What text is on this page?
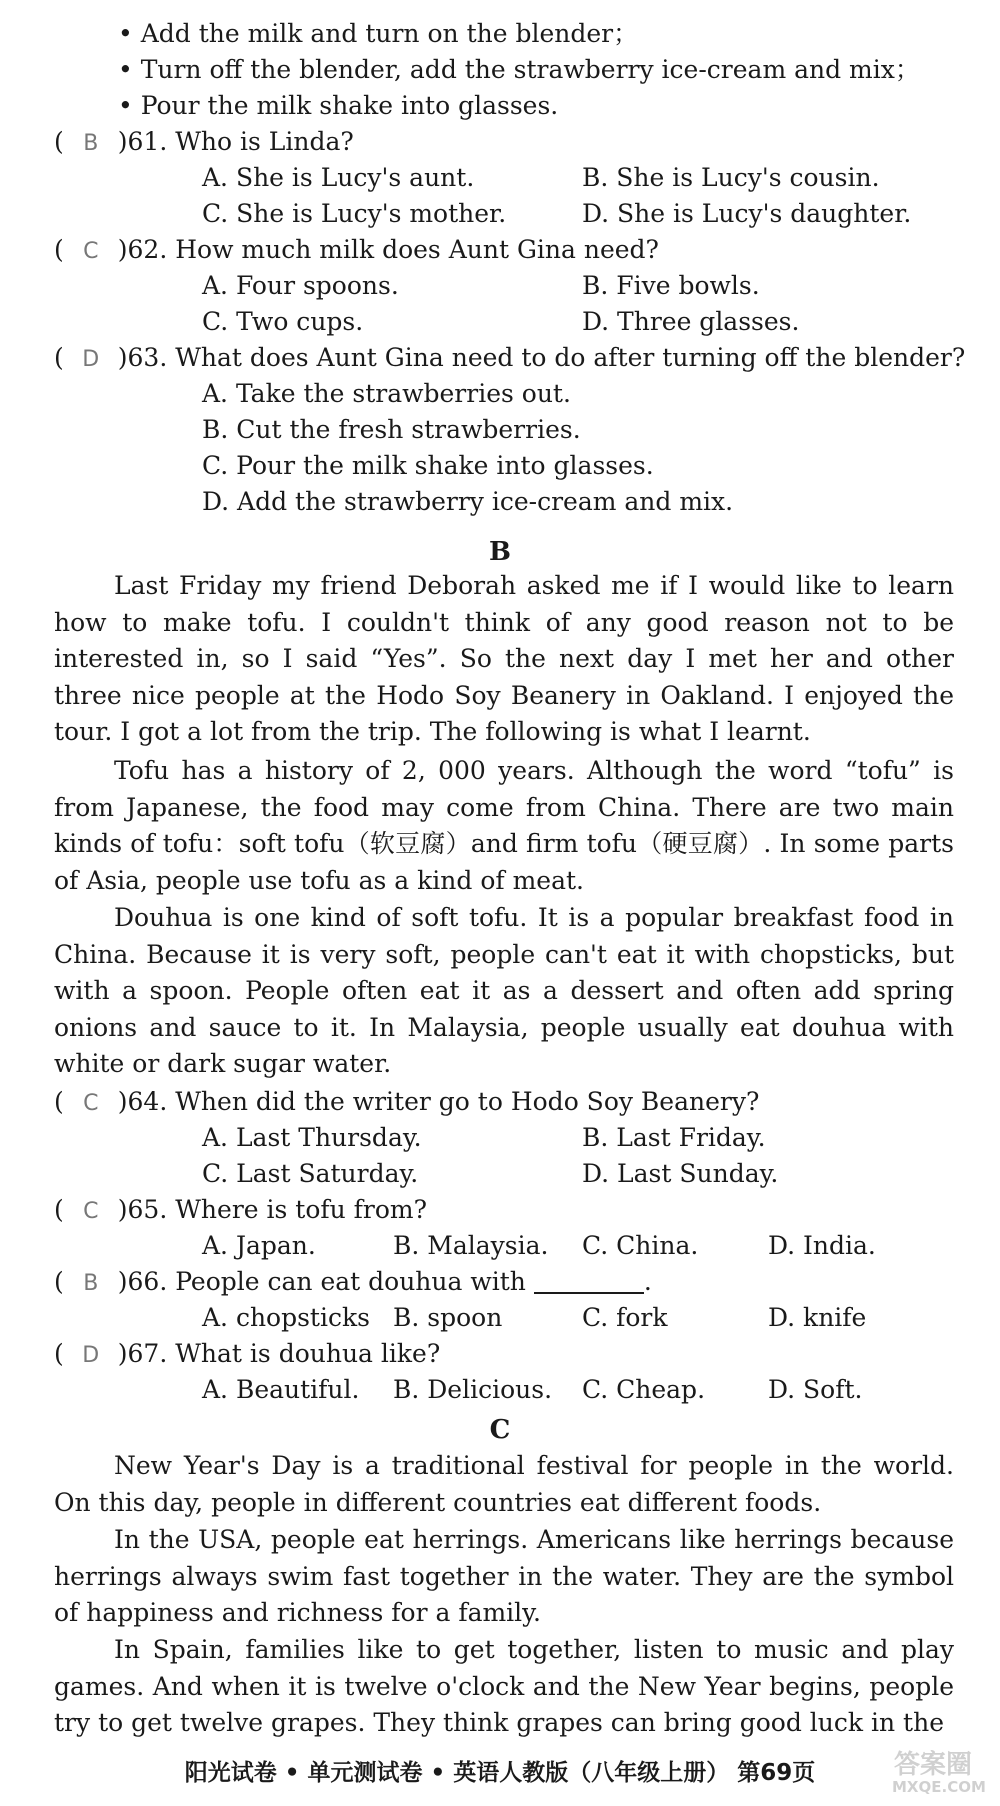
• Add the milk and turn on the blender；
• Turn off the blender, add the strawberry ice-cream and mix；
• Pour the milk shake into glasses.
( B )61. Who is Linda?
A. She is Lucy's aunt.	B. She is Lucy's cousin.
C. She is Lucy's mother.	D. She is Lucy's daughter.
( C )62. How much milk does Aunt Gina need?
A. Four spoons.	B. Five bowls.
C. Two cups.	D. Three glasses.
( D )63. What does Aunt Gina need to do after turning off the blender?
A. Take the strawberries out.
B. Cut the fresh strawberries.
C. Pour the milk shake into glasses.
D. Add the strawberry ice-cream and mix.
B
Last Friday my friend Deborah asked me if I would like to learn how to make tofu. I couldn't think of any good reason not to be interested in, so I said “Yes”. So the next day I met her and other three nice people at the Hodo Soy Beanery in Oakland. I enjoyed the tour. I got a lot from the trip. The following is what I learnt.
Tofu has a history of 2, 000 years. Although the word “tofu” is from Japanese, the food may come from China. There are two main kinds of tofu：soft tofu（软豆腐）and firm tofu（硬豆腐）. In some parts of Asia, people use tofu as a kind of meat.
Douhua is one kind of soft tofu. It is a popular breakfast food in China. Because it is very soft, people can't eat it with chopsticks, but with a spoon. People often eat it as a dessert and often add spring onions and sauce to it. In Malaysia, people usually eat douhua with white or dark sugar water.
( C )64. When did the writer go to Hodo Soy Beanery?
A. Last Thursday.	B. Last Friday.
C. Last Saturday.	D. Last Sunday.
( C )65. Where is tofu from?
A. Japan.	B. Malaysia. C. China.	D. India.
( B )66. People can eat douhua with	.
A. chopsticks B. spoon	C. fork	D. knife
( D )67. What is douhua like?
A. Beautiful. B. Delicious. C. Cheap.	D. Soft.
C
New Year's Day is a traditional festival for people in the world. On this day, people in different countries eat different foods.
In the USA, people eat herrings. Americans like herrings because herrings always swim fast together in the water. They are the symbol of happiness and richness for a family.
In Spain, families like to get together, listen to music and play games. And when it is twelve o'clock and the New Year begins, people try to get twelve grapes. They think grapes can bring good luck in the
阳光试卷 • 单元测试卷 • 英语人教版（八年级上册） 第69页	答案圈
MXQE.COM
